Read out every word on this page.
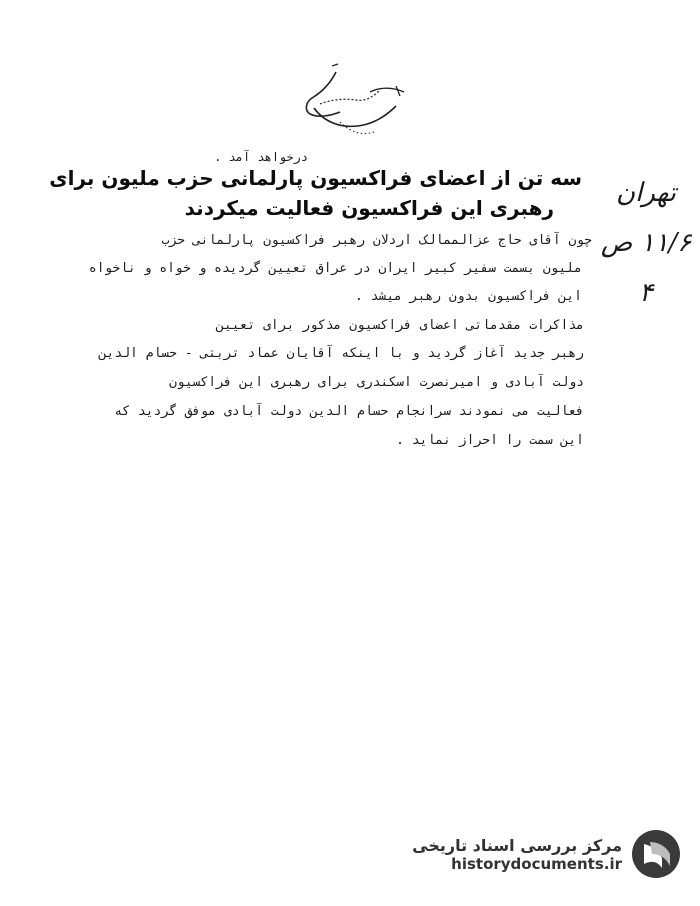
درخواهد آمد .
سه تن از اعضای فراکسیون پارلمانی حزب ملیون برای
رهبری این فراکسیون فعالیت میکردند
چون آقای حاج عزالممالک اردلان رهبر فراکسیون پارلمانی حزب
ملیون بسمت سفیر کبیر ایران در عراق تعیین گردیده و خواه و ناخواه
این فراکسیون بدون رهبر میشد .
مذاکرات مقدماتی اعضای فراکسیون مذکور برای تعیین
رهبر جدید آغاز گردید و با اینکه آقایان عماد تربتی - حسام الدین
دولت آبادی و امیرنصرت اسکندری برای رهبری این فراکسیون
فعالیت می نمودند سرانجام حسام الدین دولت آبادی موفق گردید که
این سمت را احراز نماید .
تهران ۱۱/۶ ص ۴
مرکز بررسی اسناد تاریخی
historydocuments.ir
